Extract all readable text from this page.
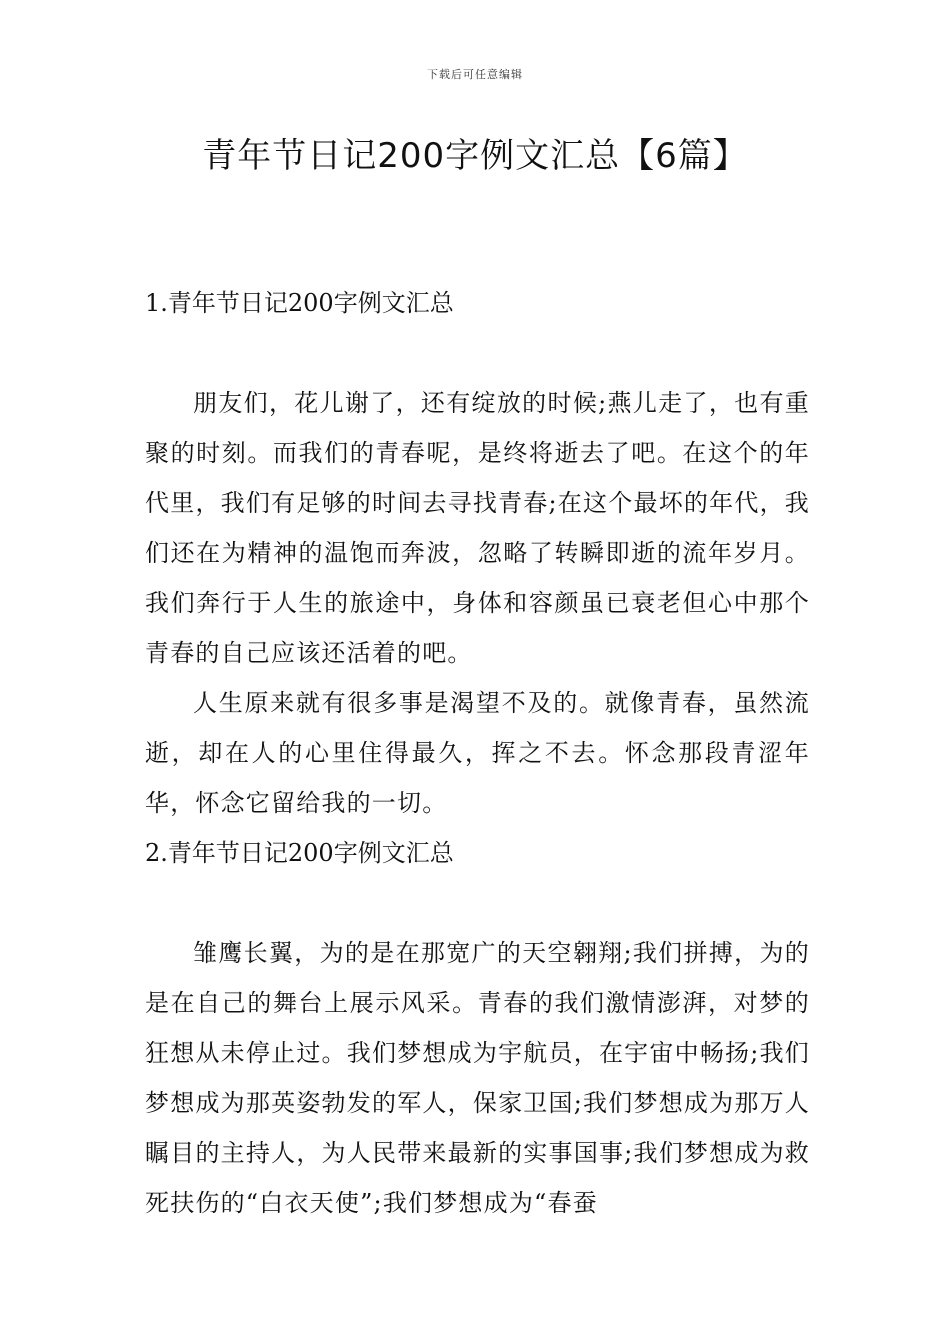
下载后可任意编辑
青年节日记200字例文汇总【6篇】

1.青年节日记200字例文汇总

朋友们，花儿谢了，还有绽放的时候;燕儿走了，也有重聚的时刻。而我们的青春呢，是终将逝去了吧。在这个的年代里，我们有足够的时间去寻找青春;在这个最坏的年代，我们还在为精神的温饱而奔波，忽略了转瞬即逝的流年岁月。我们奔行于人生的旅途中，身体和容颜虽已衰老但心中那个青春的自己应该还活着的吧。

人生原来就有很多事是渴望不及的。就像青春，虽然流逝，却在人的心里住得最久，挥之不去。怀念那段青涩年华，怀念它留给我的一切。

2.青年节日记200字例文汇总

雏鹰长翼，为的是在那宽广的天空翱翔;我们拼搏，为的是在自己的舞台上展示风采。青春的我们激情澎湃，对梦的狂想从未停止过。我们梦想成为宇航员，在宇宙中畅扬;我们梦想成为那英姿勃发的军人，保家卫国;我们梦想成为那万人瞩目的主持人，为人民带来最新的实事国事;我们梦想成为救死扶伤的“白衣天使”;我们梦想成为“春蚕
